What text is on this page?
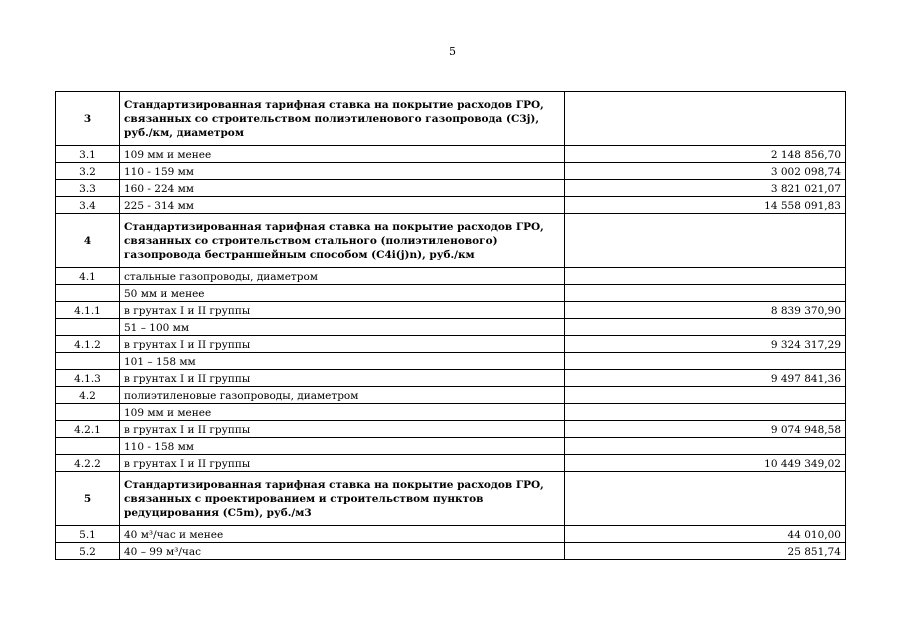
5
3	Стандартизированная тарифная ставка на покрытие расходов ГРО, связанных со строительством полиэтиленового газопровода (С3j), руб./км, диаметром	
3.1	109 мм и менее	2 148 856,70
3.2	110 - 159 мм	3 002 098,74
3.3	160 - 224 мм	3 821 021,07
3.4	225 - 314 мм	14 558 091,83
4	Стандартизированная тарифная ставка на покрытие расходов ГРО, связанных со строительством стального (полиэтиленового) газопровода бестраншейным способом (С4i(j)n), руб./км	
4.1	стальные газопроводы, диаметром	
	50 мм и менее	
4.1.1	в грунтах I и II группы	8 839 370,90
	51 – 100 мм	
4.1.2	в грунтах I и II группы	9 324 317,29
	101 – 158 мм	
4.1.3	в грунтах I и II группы	9 497 841,36
4.2	полиэтиленовые газопроводы, диаметром	
	109 мм и менее	
4.2.1	в грунтах I и II группы	9 074 948,58
	110 - 158 мм	
4.2.2	в грунтах I и II группы	10 449 349,02
5	Стандартизированная тарифная ставка на покрытие расходов ГРО, связанных с проектированием и строительством пунктов редуцирования (С5m), руб./м3	
5.1	40 м³/час и менее	44 010,00
5.2	40 – 99 м³/час	25 851,74
